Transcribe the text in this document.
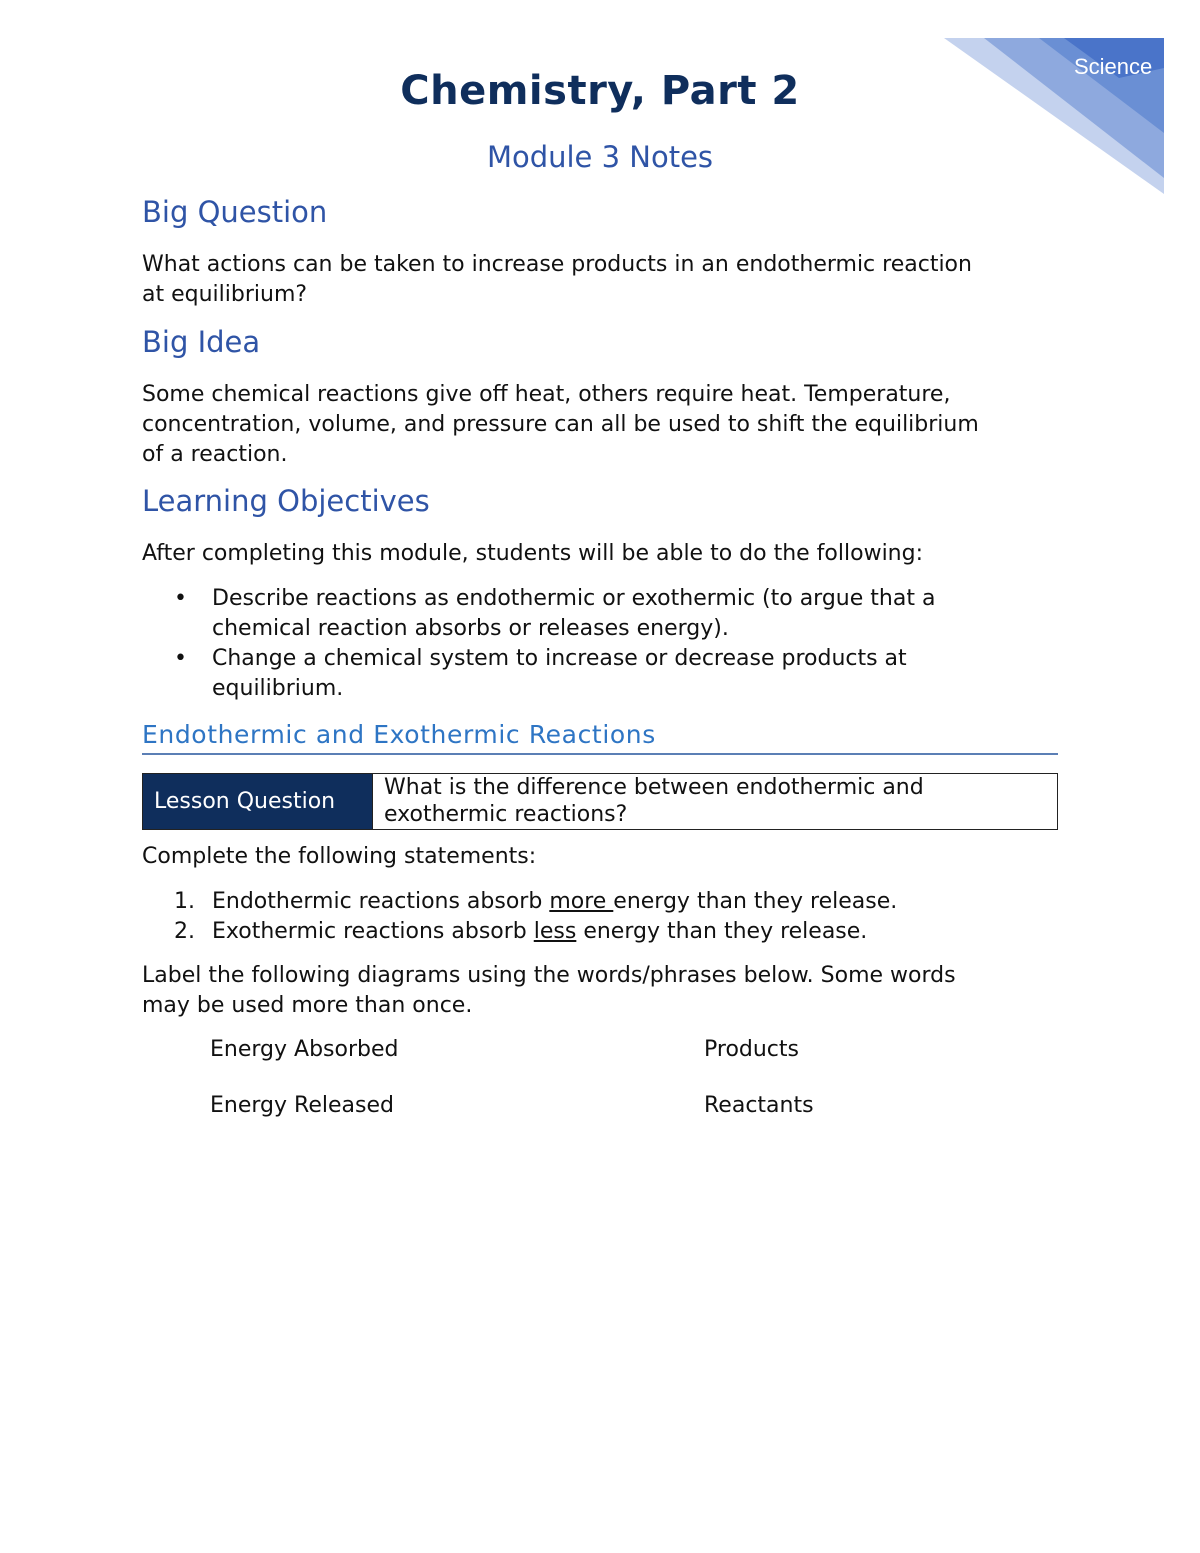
Science
Chemistry, Part 2
Module 3 Notes
Big Question
What actions can be taken to increase products in an endothermic reaction
at equilibrium?
Big Idea
Some chemical reactions give off heat, others require heat. Temperature,
concentration, volume, and pressure can all be used to shift the equilibrium
of a reaction.
Learning Objectives
After completing this module, students will be able to do the following:
• Describe reactions as endothermic or exothermic (to argue that a
chemical reaction absorbs or releases energy).
• Change a chemical system to increase or decrease products at
equilibrium.
Endothermic and Exothermic Reactions
Lesson Question
What is the difference between endothermic and
exothermic reactions?
Complete the following statements:
1. Endothermic reactions absorb more energy than they release.
2. Exothermic reactions absorb less energy than they release.
Label the following diagrams using the words/phrases below. Some words
may be used more than once.
Energy Absorbed	Products
Energy Released	Reactants
